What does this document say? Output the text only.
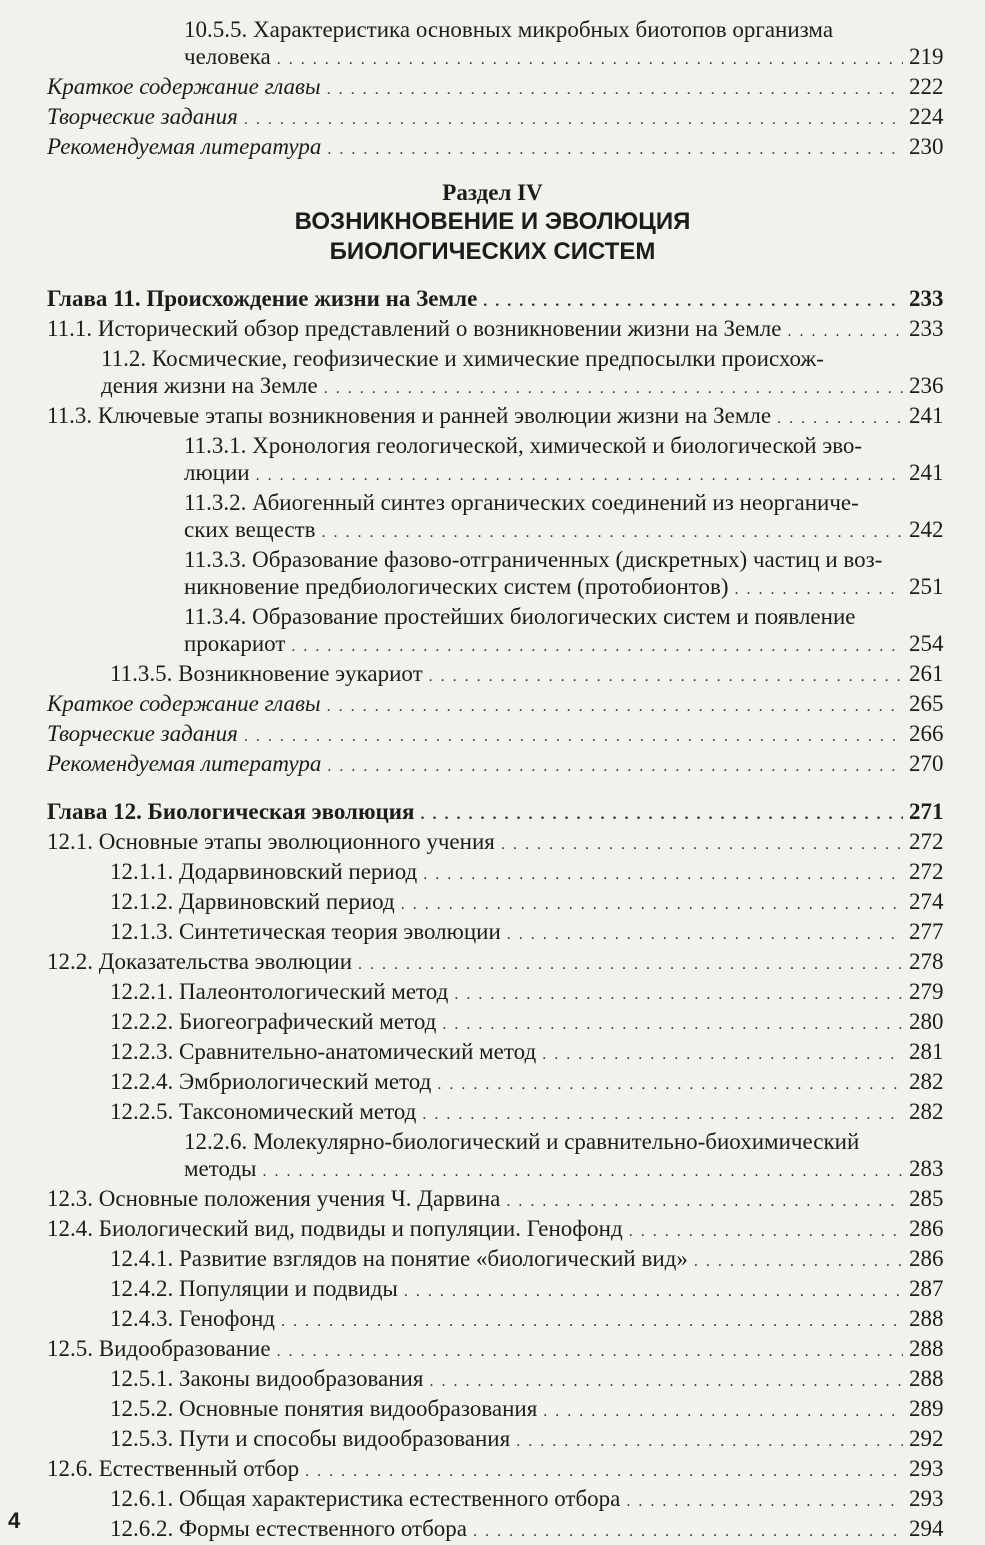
10.5.5. Характеристика основных микробных биотопов организма
человека . . .	219
Краткое содержание главы . . .	222
Творческие задания . . .	224
Рекомендуемая литература . . .	230
Раздел IV
ВОЗНИКНОВЕНИЕ И ЭВОЛЮЦИЯ
БИОЛОГИЧЕСКИХ СИСТЕМ
Глава 11. Происхождение жизни на Земле . . .	233
11.1. Исторический обзор представлений о возникновении жизни на Земле . . .	233
11.2. Космические, геофизические и химические предпосылки происхож-
дения жизни на Земле . . .	236
11.3. Ключевые этапы возникновения и ранней эволюции жизни на Земле . . .	241
11.3.1. Хронология геологической, химической и биологической эво-
люции . . .	241
11.3.2. Абиогенный синтез органических соединений из неорганиче-
ских веществ . . .	242
11.3.3. Образование фазово-отграниченных (дискретных) частиц и воз-
никновение предбиологических систем (протобионтов) . . .	251
11.3.4. Образование простейших биологических систем и появление
прокариот . . .	254
11.3.5. Возникновение эукариот . . .	261
Краткое содержание главы . . .	265
Творческие задания . . .	266
Рекомендуемая литература . . .	270
Глава 12. Биологическая эволюция . . .	271
12.1. Основные этапы эволюционного учения . . .	272
12.1.1. Додарвиновский период . . .	272
12.1.2. Дарвиновский период . . .	274
12.1.3. Синтетическая теория эволюции . . .	277
12.2. Доказательства эволюции . . .	278
12.2.1. Палеонтологический метод . . .	279
12.2.2. Биогеографический метод . . .	280
12.2.3. Сравнительно-анатомический метод . . .	281
12.2.4. Эмбриологический метод . . .	282
12.2.5. Таксономический метод . . .	282
12.2.6. Молекулярно-биологический и сравнительно-биохимический
методы . . .	283
12.3. Основные положения учения Ч. Дарвина . . .	285
12.4. Биологический вид, подвиды и популяции. Генофонд . . .	286
12.4.1. Развитие взглядов на понятие «биологический вид» . . .	286
12.4.2. Популяции и подвиды . . .	287
12.4.3. Генофонд . . .	288
12.5. Видообразование . . .	288
12.5.1. Законы видообразования . . .	288
12.5.2. Основные понятия видообразования . . .	289
12.5.3. Пути и способы видообразования . . .	292
12.6. Естественный отбор . . .	293
12.6.1. Общая характеристика естественного отбора . . .	293
12.6.2. Формы естественного отбора . . .	294
4
